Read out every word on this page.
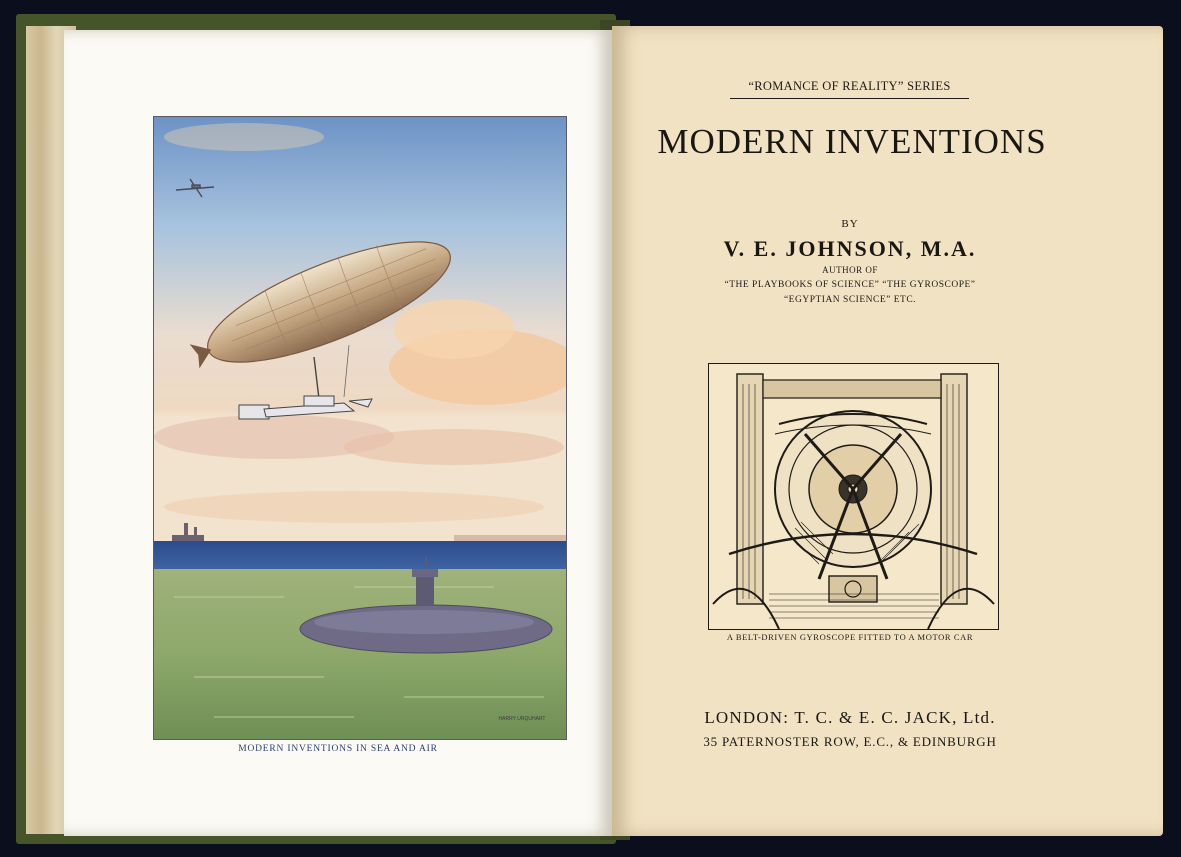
HARRY URQUHART
MODERN INVENTIONS IN SEA AND AIR
“ROMANCE OF REALITY” SERIES
MODERN INVENTIONS
BY
V. E. JOHNSON, M.A.
AUTHOR OF
“THE PLAYBOOKS OF SCIENCE” “THE GYROSCOPE”
“EGYPTIAN SCIENCE” ETC.
A BELT-DRIVEN GYROSCOPE FITTED TO A MOTOR CAR
LONDON: T. C. & E. C. JACK, Ltd.
35 PATERNOSTER ROW, E.C., & EDINBURGH
